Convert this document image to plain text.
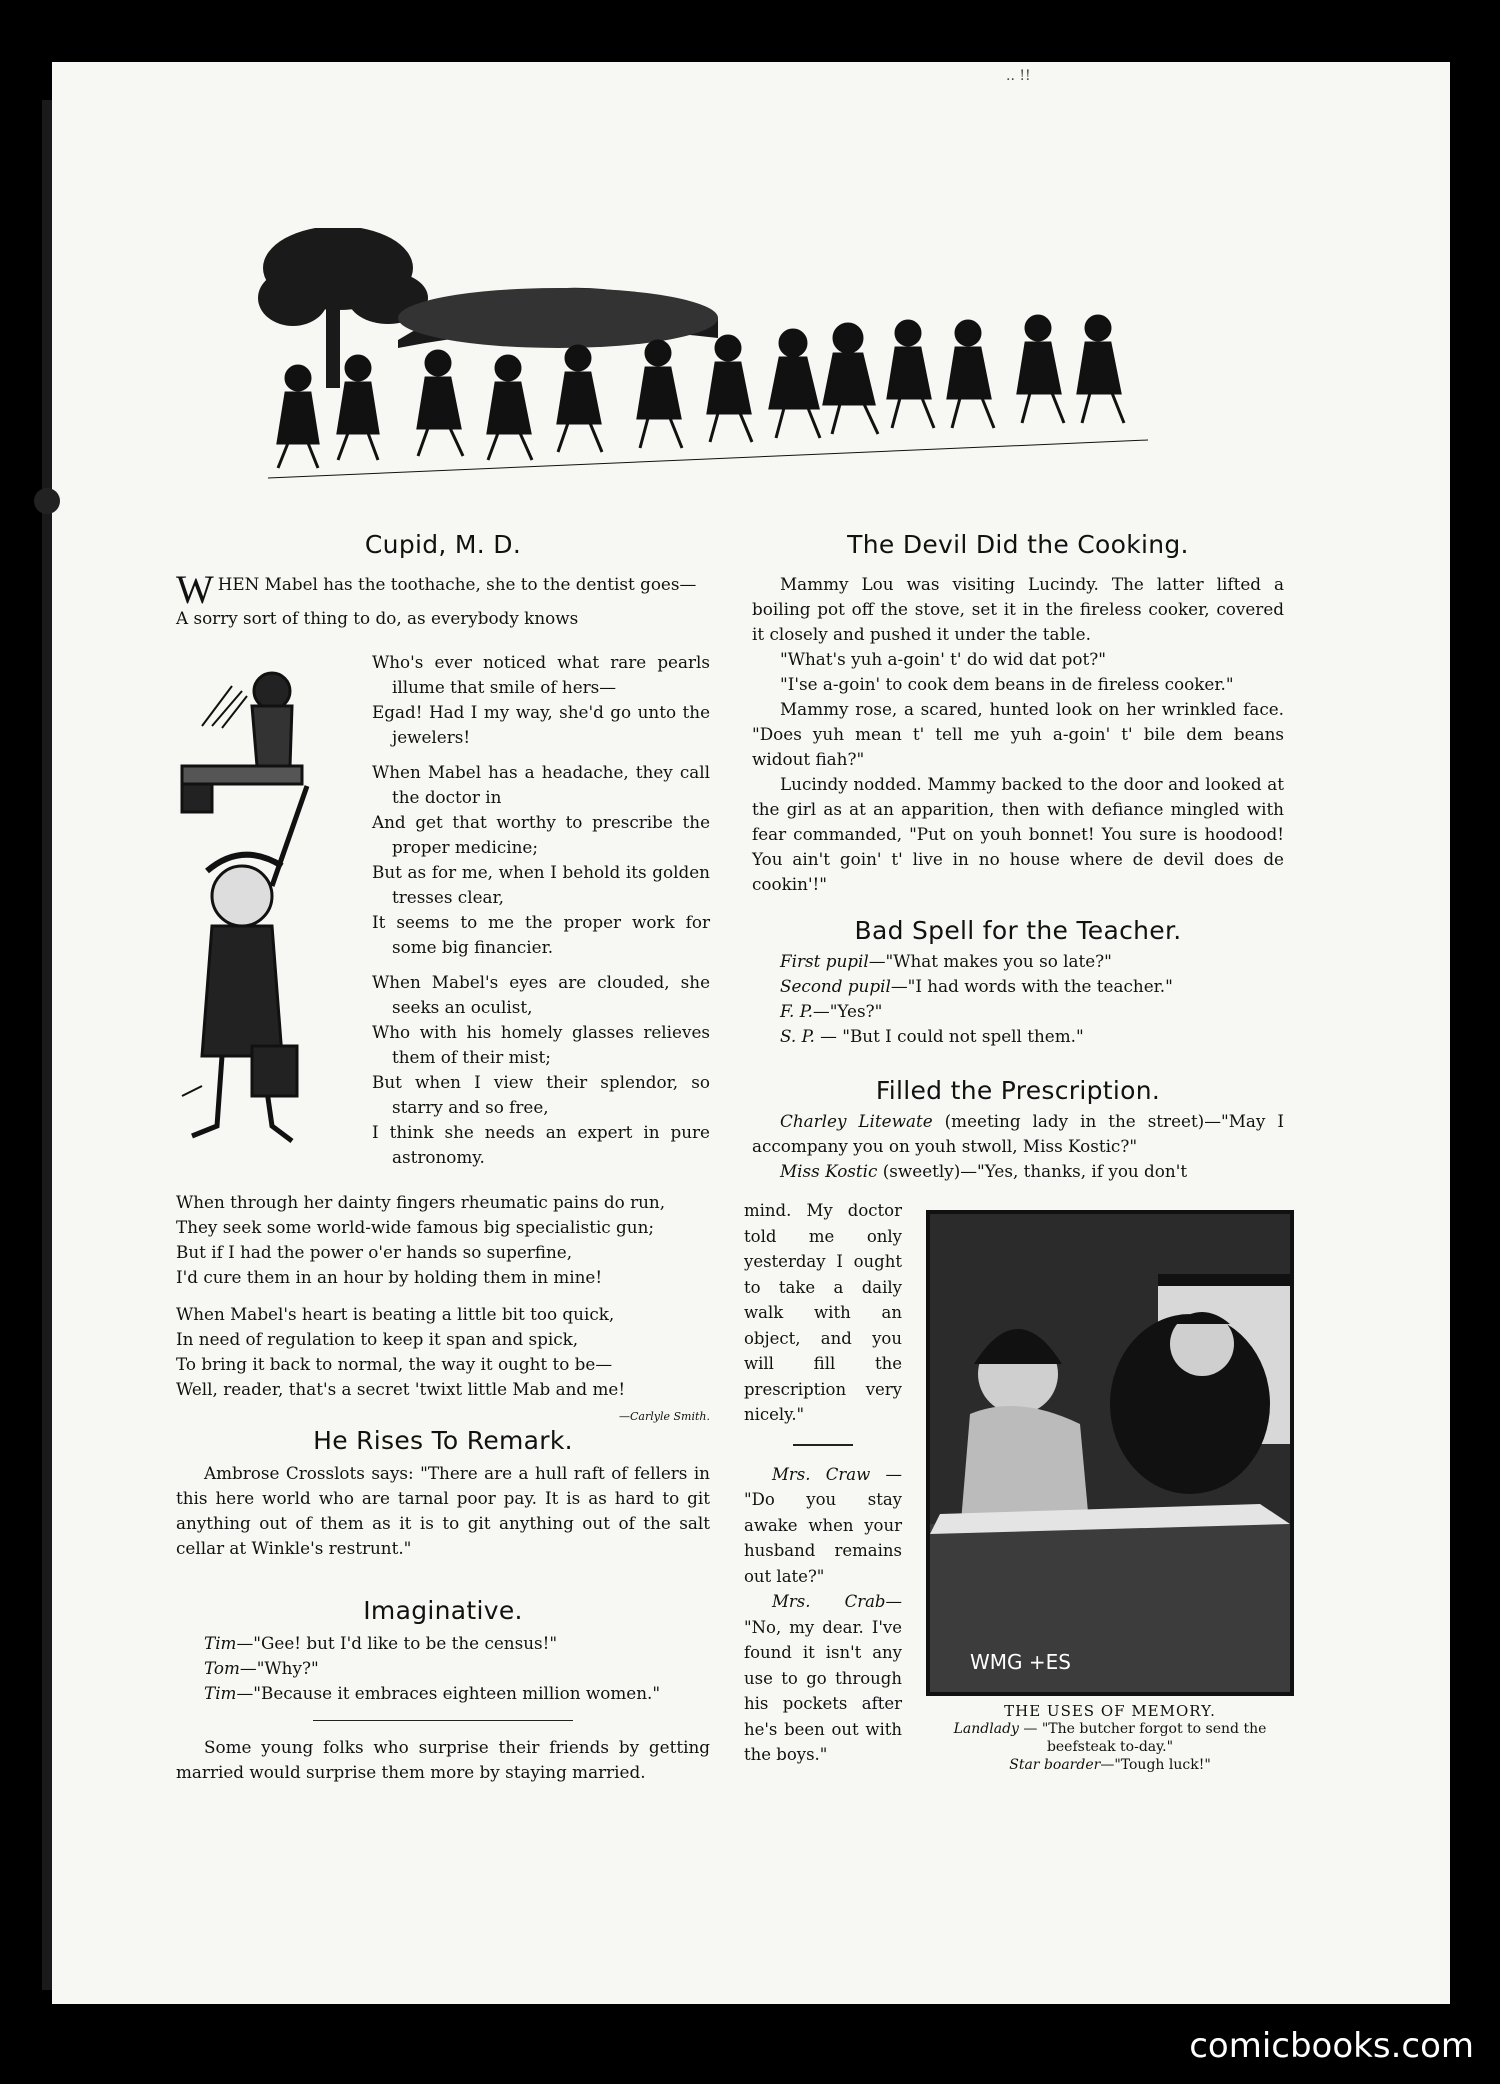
.. !!
Cupid, M. D.
W HEN Mabel has the toothache, she to the dentist goes—

A sorry sort of thing to do, as everybody knows

Who's ever noticed what rare pearls illume that smile of hers—

Egad! Had I my way, she'd go unto the jewelers!

When Mabel has a headache, they call the doctor in

And get that worthy to prescribe the proper medicine;

But as for me, when I behold its golden tresses clear,

It seems to me the proper work for some big financier.

When Mabel's eyes are clouded, she seeks an oculist,

Who with his homely glasses relieves them of their mist;

But when I view their splendor, so starry and so free,

I think she needs an expert in pure astronomy.

When through her dainty fingers rheumatic pains do run,

They seek some world-wide famous big specialistic gun;

But if I had the power o'er hands so superfine,

I'd cure them in an hour by holding them in mine!

When Mabel's heart is beating a little bit too quick,

In need of regulation to keep it span and spick,

To bring it back to normal, the way it ought to be—

Well, reader, that's a secret 'twixt little Mab and me!

—Carlyle Smith.
He Rises To Remark.

Ambrose Crosslots says: "There are a hull raft of fellers in this here world who are tarnal poor pay. It is as hard to git anything out of them as it is to git anything out of the salt cellar at Winkle's restrunt."

Imaginative.

Tim—"Gee! but I'd like to be the census!"

Tom—"Why?"

Tim—"Because it embraces eighteen million women."

Some young folks who surprise their friends by getting married would surprise them more by staying married.

The Devil Did the Cooking.

Mammy Lou was visiting Lucindy. The latter lifted a boiling pot off the stove, set it in the fireless cooker, covered it closely and pushed it under the table.

"What's yuh a-goin' t' do wid dat pot?"

"I'se a-goin' to cook dem beans in de fireless cooker."

Mammy rose, a scared, hunted look on her wrinkled face. "Does yuh mean t' tell me yuh a-goin' t' bile dem beans widout fiah?"

Lucindy nodded. Mammy backed to the door and looked at the girl as at an apparition, then with defiance mingled with fear commanded, "Put on youh bonnet! You sure is hoodood! You ain't goin' t' live in no house where de devil does de cookin'!"

Bad Spell for the Teacher.

First pupil—"What makes you so late?"

Second pupil—"I had words with the teacher."

F. P.—"Yes?"

S. P. — "But I could not spell them."

Filled the Prescription.

Charley Litewate (meeting lady in the street)—"May I accompany you on youh stwoll, Miss Kostic?"

Miss Kostic (sweetly)—"Yes, thanks, if you don't

mind. My doctor told me only yesterday I ought to take a daily walk with an object, and you will fill the prescription very nicely."

Mrs. Craw — "Do you stay awake when your husband remains out late?"

Mrs. Crab— "No, my dear. I've found it isn't any use to go through his pockets after he's been out with the boys."

WMG +ES
THE USES OF MEMORY.
Landlady — "The butcher forgot to send the beefsteak to-day."
Star boarder—"Tough luck!"
comicbooks.com
